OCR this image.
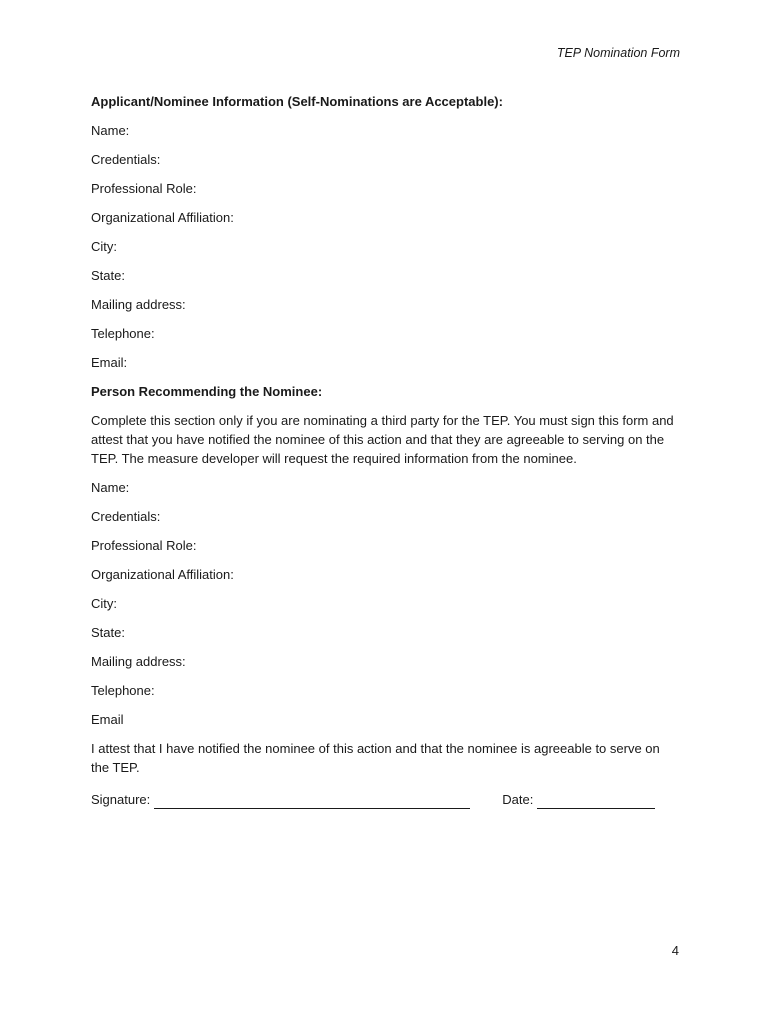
TEP Nomination Form

Applicant/Nominee Information (Self-Nominations are Acceptable):

Name:

Credentials:

Professional Role:

Organizational Affiliation:

City:

State:

Mailing address:

Telephone:

Email:

Person Recommending the Nominee:

Complete this section only if you are nominating a third party for the TEP. You must sign this form and attest that you have notified the nominee of this action and that they are agreeable to serving on the TEP. The measure developer will request the required information from the nominee.

Name:

Credentials:

Professional Role:

Organizational Affiliation:

City:

State:

Mailing address:

Telephone:

Email

I attest that I have notified the nominee of this action and that the nominee is agreeable to serve on the TEP.

Signature:	Date:
4
